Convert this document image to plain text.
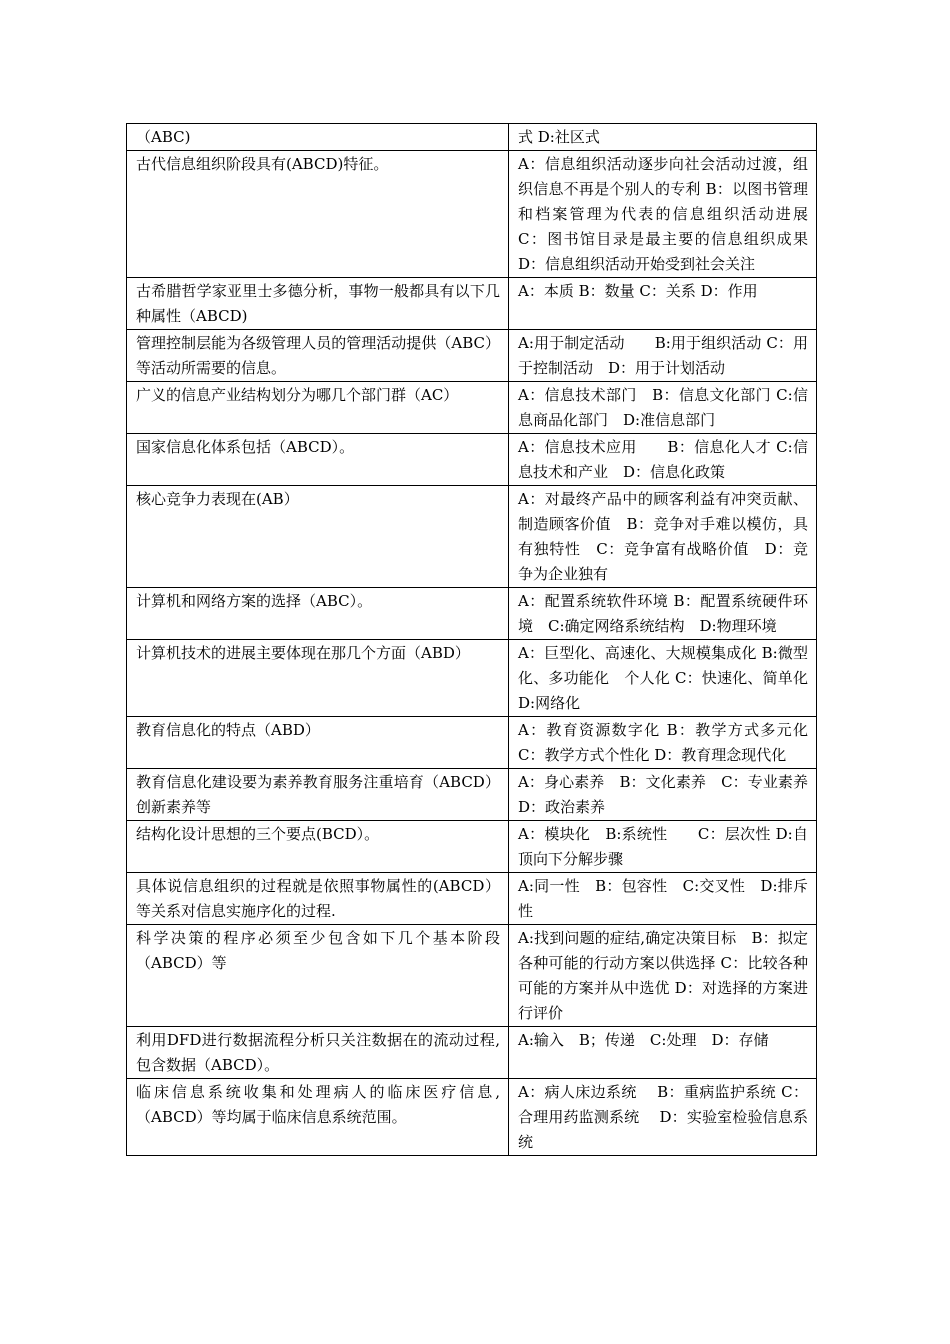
（ABC)	式 D:社区式
古代信息组织阶段具有(ABCD)特征。	A：信息组织活动逐步向社会活动过渡，组织信息不再是个别人的专利 B：以图书管理和档案管理为代表的信息组织活动进展　C：图书馆目录是最主要的信息组织成果　D：信息组织活动开始受到社会关注
古希腊哲学家亚里士多德分析，事物一般都具有以下几种属性（ABCD)	A：本质 B：数量 C：关系 D：作用
管理控制层能为各级管理人员的管理活动提供（ABC）等活动所需要的信息。	A:用于制定活动　　B:用于组织活动 C：用于控制活动　D：用于计划活动
广义的信息产业结构划分为哪几个部门群（AC）	A：信息技术部门　B：信息文化部门 C:信息商品化部门　D:准信息部门
国家信息化体系包括（ABCD）。	A：信息技术应用　　B：信息化人才 C:信息技术和产业　D：信息化政策
核心竞争力表现在(AB）	A：对最终产品中的顾客利益有冲突贡献、制造顾客价值　B：竞争对手难以模仿，具有独特性　C：竞争富有战略价值　D：竞争为企业独有
计算机和网络方案的选择（ABC）。	A：配置系统软件环境 B：配置系统硬件环境　C:确定网络系统结构　D:物理环境
计算机技术的进展主要体现在那几个方面（ABD）	A：巨型化、高速化、大规模集成化 B:微型化、多功能化　个人化 C：快速化、简单化　D:网络化
教育信息化的特点（ABD）	A：教育资源数字化 B：教学方式多元化 C：教学方式个性化 D：教育理念现代化
教育信息化建设要为素养教育服务注重培育（ABCD）创新素养等	A：身心素养　B：文化素养　C：专业素养　D：政治素养
结构化设计思想的三个要点(BCD）。	A：模块化　B:系统性　　C：层次性 D:自顶向下分解步骤
具体说信息组织的过程就是依照事物属性的(ABCD）等关系对信息实施序化的过程.	A:同一性　B：包容性　C:交叉性　D:排斥性
科学决策的程序必须至少包含如下几个基本阶段（ABCD）等	A:找到问题的症结,确定决策目标　B：拟定各种可能的行动方案以供选择 C：比较各种可能的方案并从中选优 D：对选择的方案进行评价
利用DFD进行数据流程分析只关注数据在的流动过程,包含数据（ABCD）。	A:输入　B；传递　C:处理　D：存储
临床信息系统收集和处理病人的临床医疗信息,（ABCD）等均属于临床信息系统范围。	A：病人床边系统　 B：重病监护系统 C：合理用药监测系统　 D：实验室检验信息系统
